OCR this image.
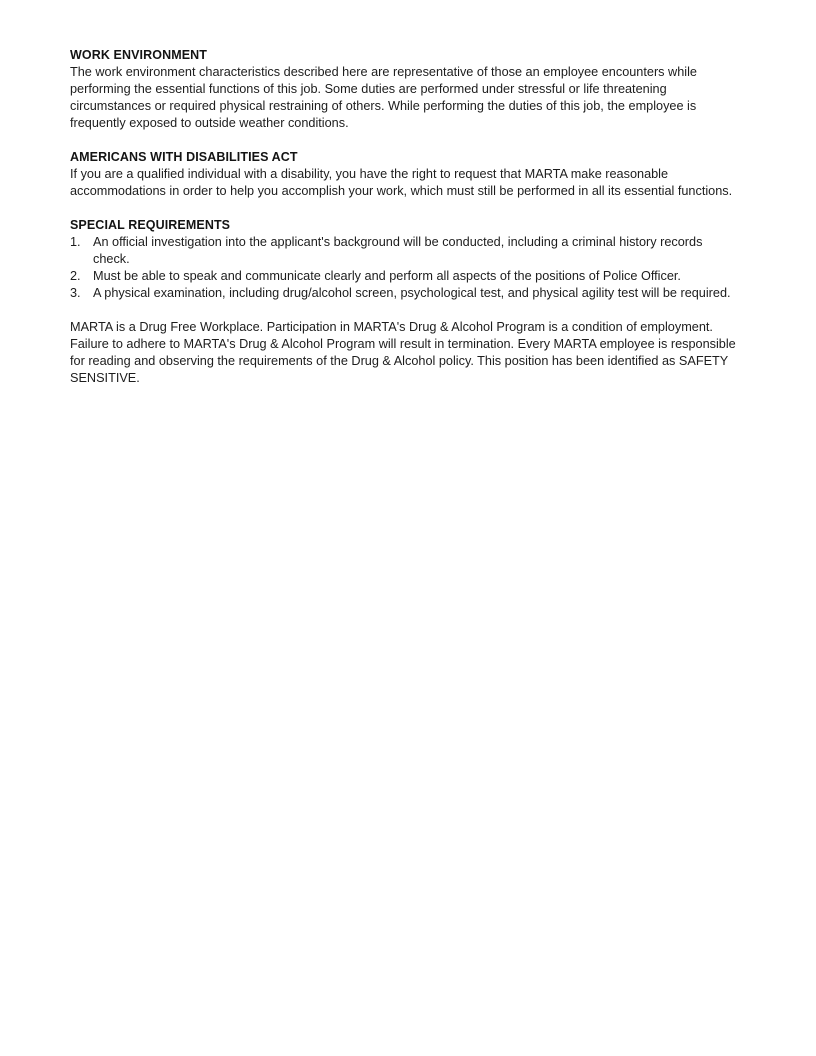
WORK ENVIRONMENT

The work environment characteristics described here are representative of those an employee encounters while performing the essential functions of this job. Some duties are performed under stressful or life threatening circumstances or required physical restraining of others. While performing the duties of this job, the employee is frequently exposed to outside weather conditions.

AMERICANS WITH DISABILITIES ACT

If you are a qualified individual with a disability, you have the right to request that MARTA make reasonable accommodations in order to help you accomplish your work, which must still be performed in all its essential functions.

SPECIAL REQUIREMENTS
1. An official investigation into the applicant's background will be conducted, including a criminal history records check.
2. Must be able to speak and communicate clearly and perform all aspects of the positions of Police Officer.
3. A physical examination, including drug/alcohol screen, psychological test, and physical agility test will be required.

MARTA is a Drug Free Workplace. Participation in MARTA's Drug & Alcohol Program is a condition of employment. Failure to adhere to MARTA's Drug & Alcohol Program will result in termination. Every MARTA employee is responsible for reading and observing the requirements of the Drug & Alcohol policy. This position has been identified as SAFETY SENSITIVE.
